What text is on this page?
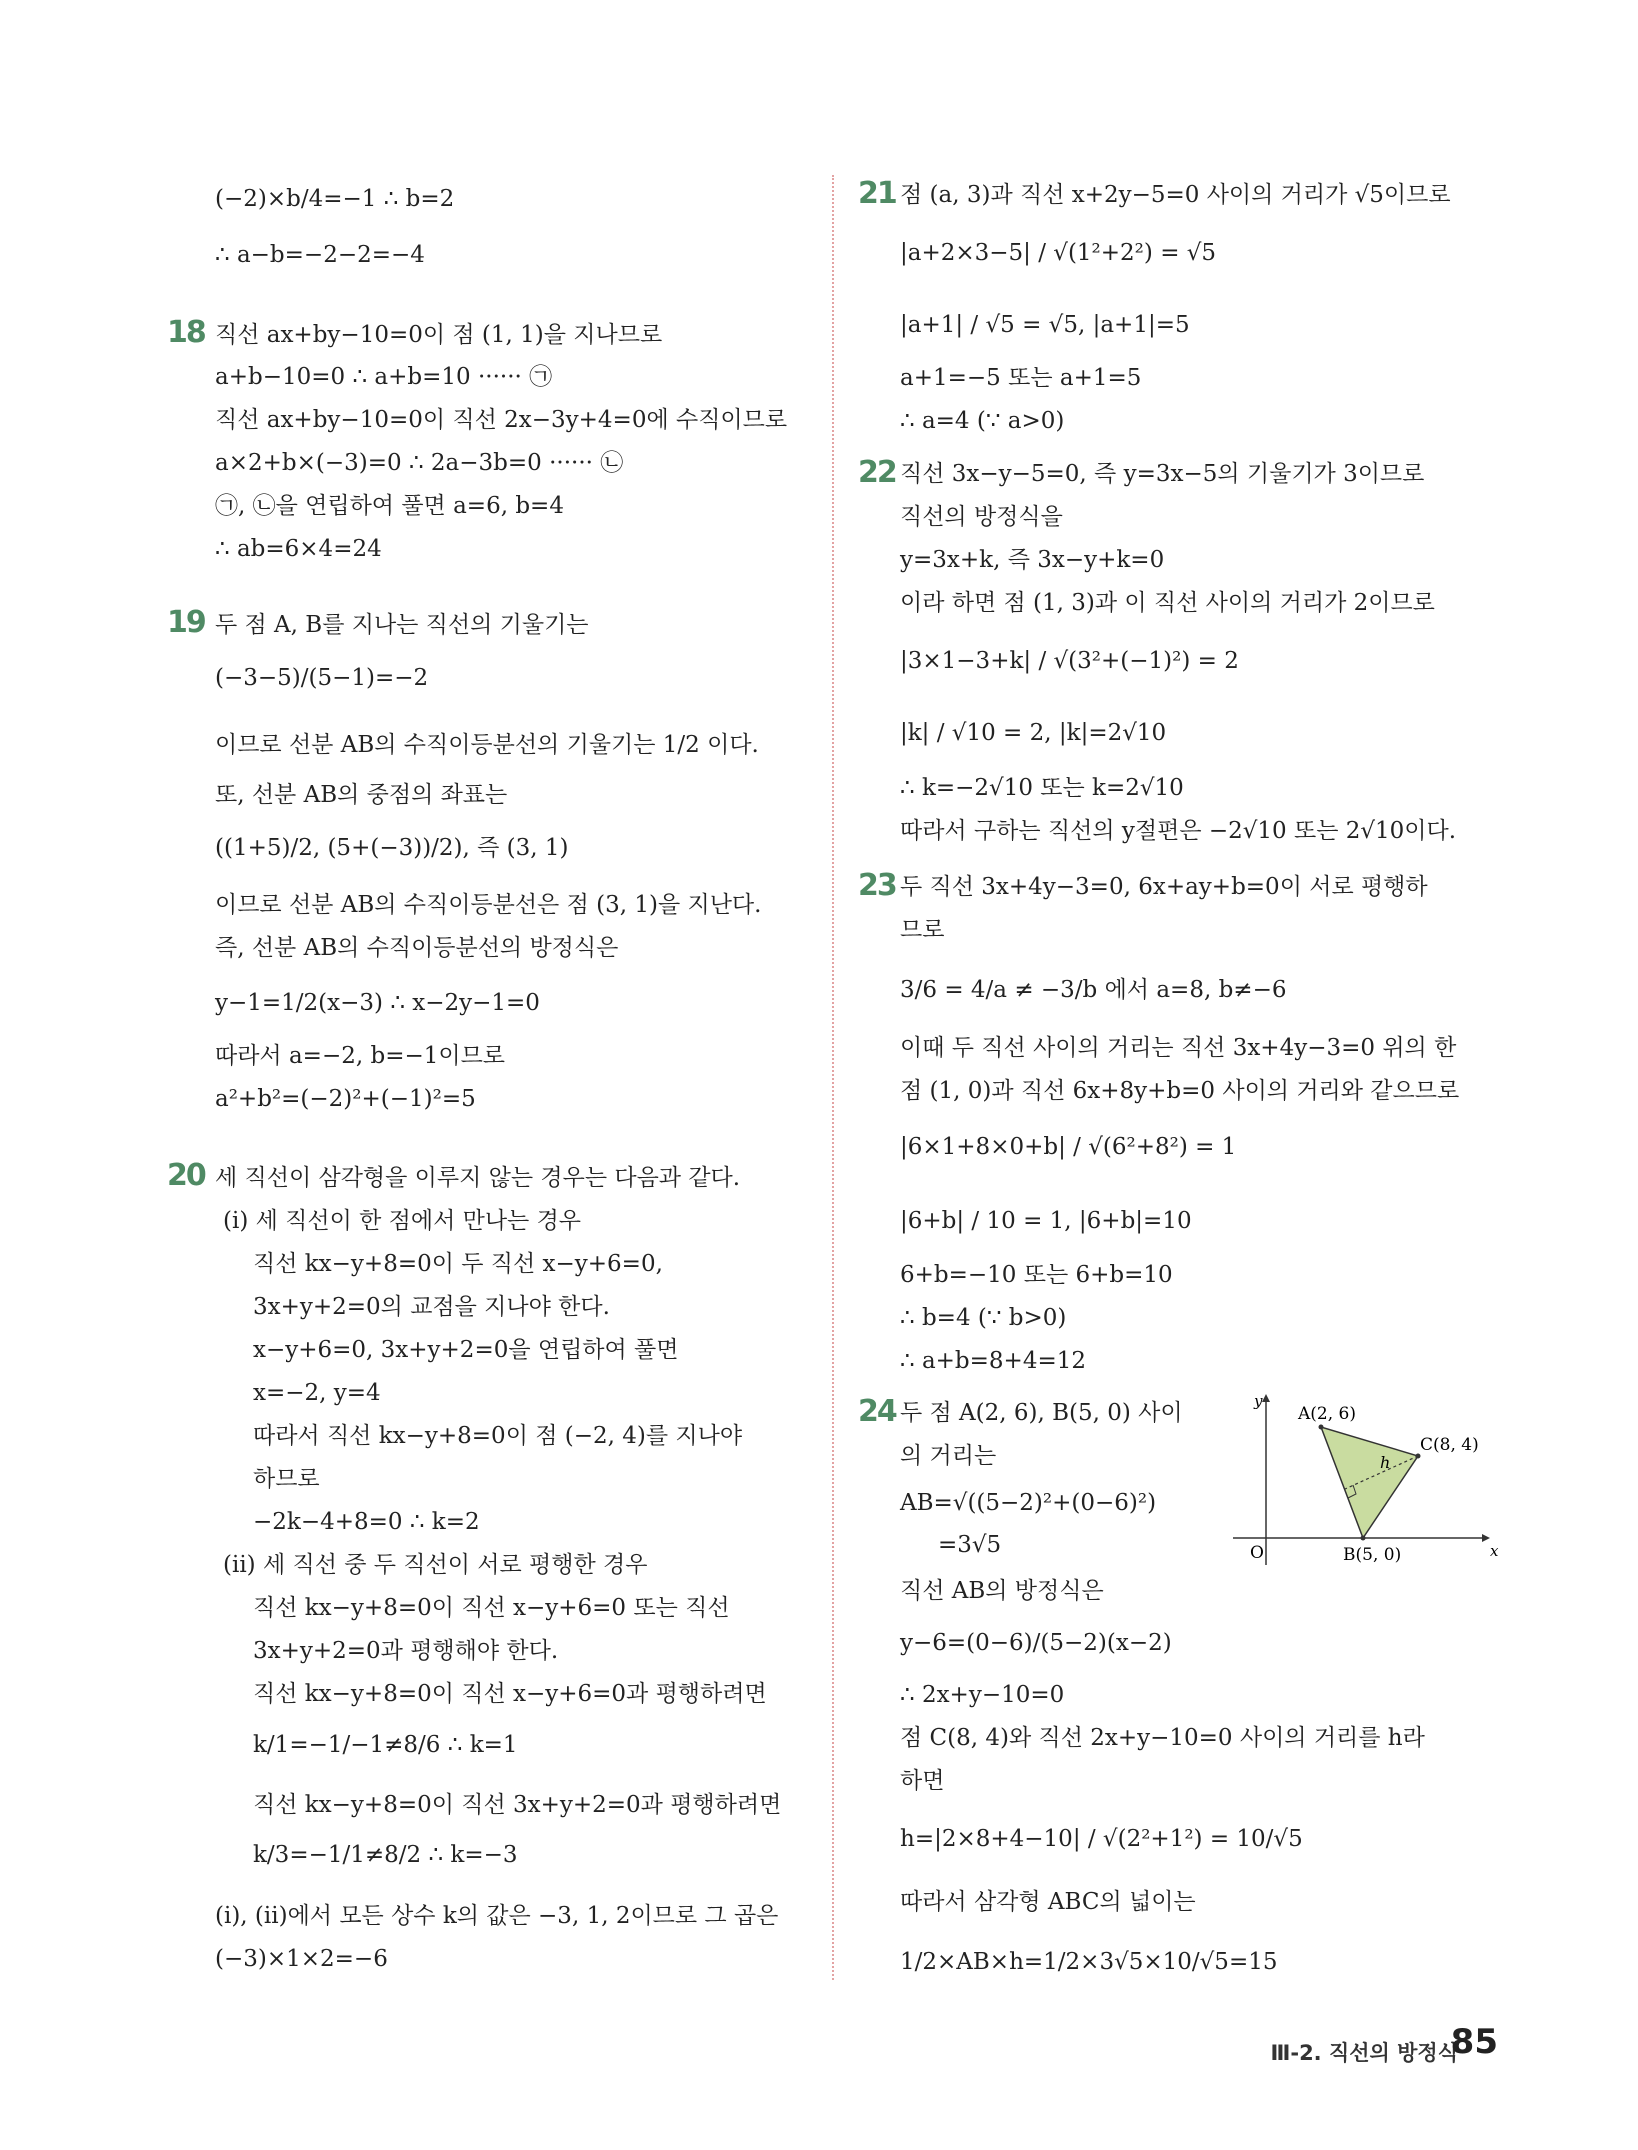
(−2)×b/4=−1 ∴ b=2
∴ a−b=−2−2=−4
18 직선 ax+by−10=0이 점 (1, 1)을 지나므로
a+b−10=0 ∴ a+b=10 ······ ㉠
직선 ax+by−10=0이 직선 2x−3y+4=0에 수직이므로
a×2+b×(−3)=0 ∴ 2a−3b=0 ······ ㉡
㉠, ㉡을 연립하여 풀면 a=6, b=4
∴ ab=6×4=24
19 두 점 A, B를 지나는 직선의 기울기는
(−3−5)/(5−1)=−2
이므로 선분 AB의 수직이등분선의 기울기는 1/2 이다.
또, 선분 AB의 중점의 좌표는
((1+5)/2, (5+(−3))/2), 즉 (3, 1)
이므로 선분 AB의 수직이등분선은 점 (3, 1)을 지난다.
즉, 선분 AB의 수직이등분선의 방정식은
y−1=1/2(x−3) ∴ x−2y−1=0
따라서 a=−2, b=−1이므로
a²+b²=(−2)²+(−1)²=5
20 세 직선이 삼각형을 이루지 않는 경우는 다음과 같다.
(i) 세 직선이 한 점에서 만나는 경우
직선 kx−y+8=0이 두 직선 x−y+6=0,
3x+y+2=0의 교점을 지나야 한다.
x−y+6=0, 3x+y+2=0을 연립하여 풀면
x=−2, y=4
따라서 직선 kx−y+8=0이 점 (−2, 4)를 지나야
하므로
−2k−4+8=0 ∴ k=2
(ii) 세 직선 중 두 직선이 서로 평행한 경우
직선 kx−y+8=0이 직선 x−y+6=0 또는 직선
3x+y+2=0과 평행해야 한다.
직선 kx−y+8=0이 직선 x−y+6=0과 평행하려면
k/1=−1/−1≠8/6 ∴ k=1
직선 kx−y+8=0이 직선 3x+y+2=0과 평행하려면
k/3=−1/1≠8/2 ∴ k=−3
(i), (ii)에서 모든 상수 k의 값은 −3, 1, 2이므로 그 곱은
(−3)×1×2=−6
21 점 (a, 3)과 직선 x+2y−5=0 사이의 거리가 √5이므로
|a+2×3−5| / √(1²+2²) = √5
|a+1| / √5 = √5, |a+1|=5
a+1=−5 또는 a+1=5
∴ a=4 (∵ a>0)
22 직선 3x−y−5=0, 즉 y=3x−5의 기울기가 3이므로
직선의 방정식을
y=3x+k, 즉 3x−y+k=0
이라 하면 점 (1, 3)과 이 직선 사이의 거리가 2이므로
|3×1−3+k| / √(3²+(−1)²) = 2
|k| / √10 = 2, |k|=2√10
∴ k=−2√10 또는 k=2√10
따라서 구하는 직선의 y절편은 −2√10 또는 2√10이다.
23 두 직선 3x+4y−3=0, 6x+ay+b=0이 서로 평행하
므로
3/6 = 4/a ≠ −3/b 에서 a=8, b≠−6
이때 두 직선 사이의 거리는 직선 3x+4y−3=0 위의 한
점 (1, 0)과 직선 6x+8y+b=0 사이의 거리와 같으므로
|6×1+8×0+b| / √(6²+8²) = 1
|6+b| / 10 = 1, |6+b|=10
6+b=−10 또는 6+b=10
∴ b=4 (∵ b>0)
∴ a+b=8+4=12
24 두 점 A(2, 6), B(5, 0) 사이
의 거리는
AB=√((5−2)²+(0−6)²)
=3√5
직선 AB의 방정식은
y−6=(0−6)/(5−2)(x−2)
∴ 2x+y−10=0
점 C(8, 4)와 직선 2x+y−10=0 사이의 거리를 h라
하면
h=|2×8+4−10| / √(2²+1²) = 10/√5
따라서 삼각형 ABC의 넓이는
1/2×AB×h=1/2×3√5×10/√5=15
y
x
O
A(2, 6)
B(5, 0)
C(8, 4)
h
Ⅲ-2. 직선의 방정식
85
